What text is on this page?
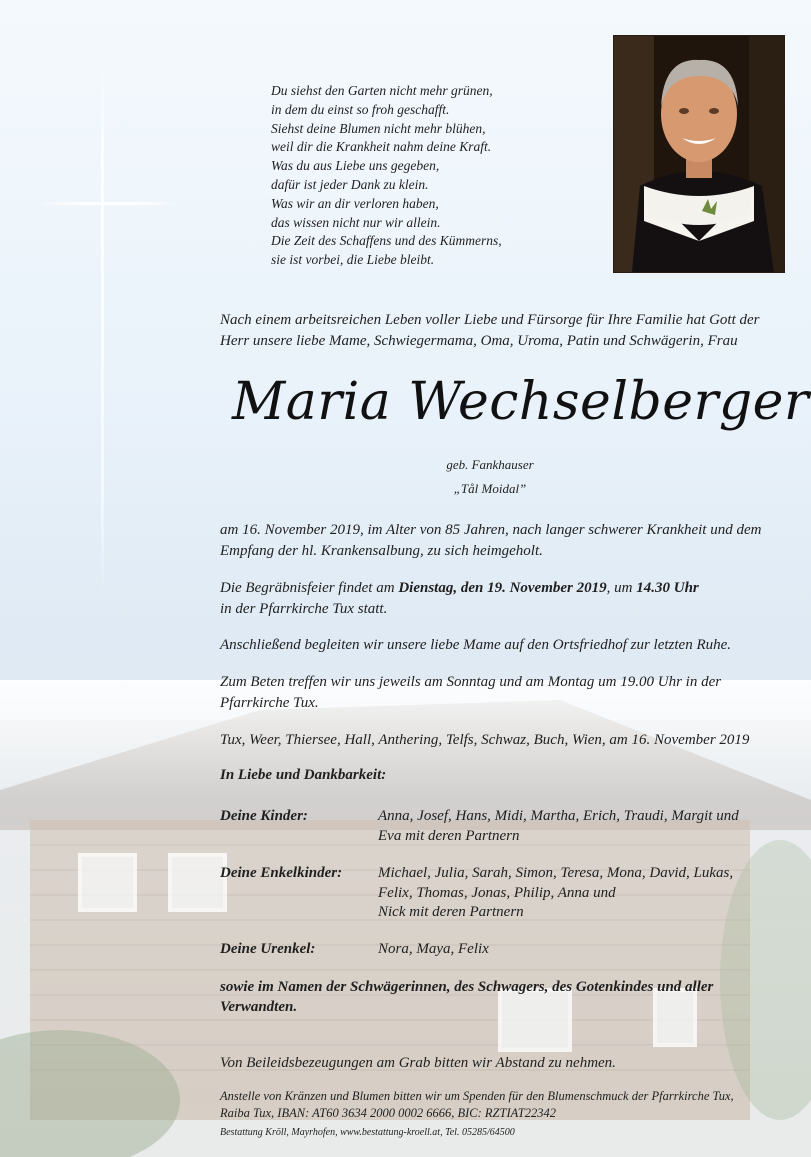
Du siehst den Garten nicht mehr grünen,
in dem du einst so froh geschafft.
Siehst deine Blumen nicht mehr blühen,
weil dir die Krankheit nahm deine Kraft.
Was du aus Liebe uns gegeben,
dafür ist jeder Dank zu klein.
Was wir an dir verloren haben,
das wissen nicht nur wir allein.
Die Zeit des Schaffens und des Kümmerns,
sie ist vorbei, die Liebe bleibt.
Nach einem arbeitsreichen Leben voller Liebe und Fürsorge für Ihre Familie hat Gott der
Herr unsere liebe Mame, Schwiegermama, Oma, Uroma, Patin und Schwägerin, Frau
Maria Wechselberger
geb. Fankhauser
„Tål Moidal”
am 16. November 2019, im Alter von 85 Jahren, nach langer schwerer Krankheit und dem
Empfang der hl. Krankensalbung, zu sich heimgeholt.
Die Begräbnisfeier findet am Dienstag, den 19. November 2019, um 14.30 Uhr
in der Pfarrkirche Tux statt.
Anschließend begleiten wir unsere liebe Mame auf den Ortsfriedhof zur letzten Ruhe.
Zum Beten treffen wir uns jeweils am Sonntag und am Montag um 19.00 Uhr in der
Pfarrkirche Tux.
Tux, Weer, Thiersee, Hall, Anthering, Telfs, Schwaz, Buch, Wien, am 16. November 2019
In Liebe und Dankbarkeit:
Deine Kinder:	Anna, Josef, Hans, Midi, Martha, Erich, Traudi, Margit und
Eva mit deren Partnern
Deine Enkelkinder: Michael, Julia, Sarah, Simon, Teresa, Mona, David, Lukas,
Felix, Thomas, Jonas, Philip, Anna und
Nick mit deren Partnern
Deine Urenkel:	Nora, Maya, Felix
sowie im Namen der Schwägerinnen, des Schwagers, des Gotenkindes und aller
Verwandten.
Von Beileidsbezeugungen am Grab bitten wir Abstand zu nehmen.
Anstelle von Kränzen und Blumen bitten wir um Spenden für den Blumenschmuck der Pfarrkirche Tux,
Raiba Tux, IBAN: AT60 3634 2000 0002 6666, BIC: RZTIAT22342
Bestattung Kröll, Mayrhofen, www.bestattung-kroell.at, Tel. 05285/64500
